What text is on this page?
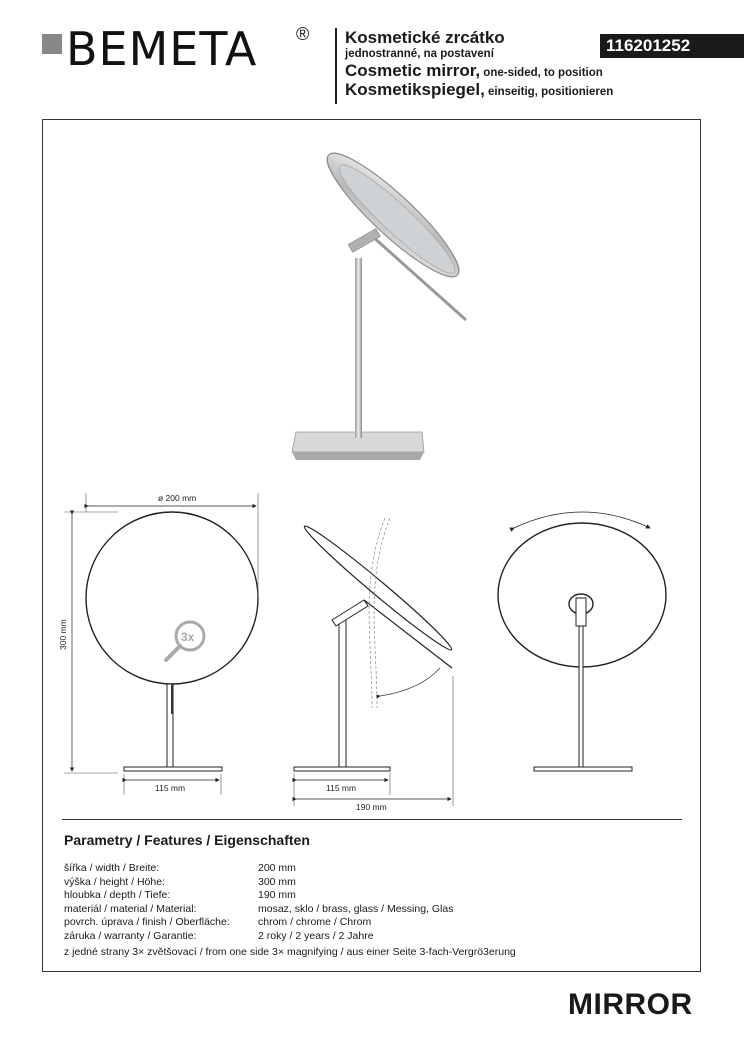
BEMETA ® Kosmetické zrcátko
jednostranné, na postavení
Cosmetic mirror, one-sided, to position
Kosmetikspiegel, einseitig, positionieren
116201252
3x
ø 200 mm
300 mm
115 mm	115 mm
190 mm
Parametry / Features / Eigenschaften
šířka / width / Breite:	200 mm
výška / height / Höhe:	300 mm
hloubka / depth / Tiefe:	190 mm
materiál / material / Material:	mosaz, sklo / brass, glass / Messing, Glas
povrch. úprava / finish / Oberfläche:	chrom / chrome / Chrom
záruka / warranty / Garantie:	2 roky / 2 years / 2 Jahre
z jedné strany 3× zvětšovací / from one side 3× magnifying / aus einer Seite 3-fach-Vergrö3erung
MIRROR
